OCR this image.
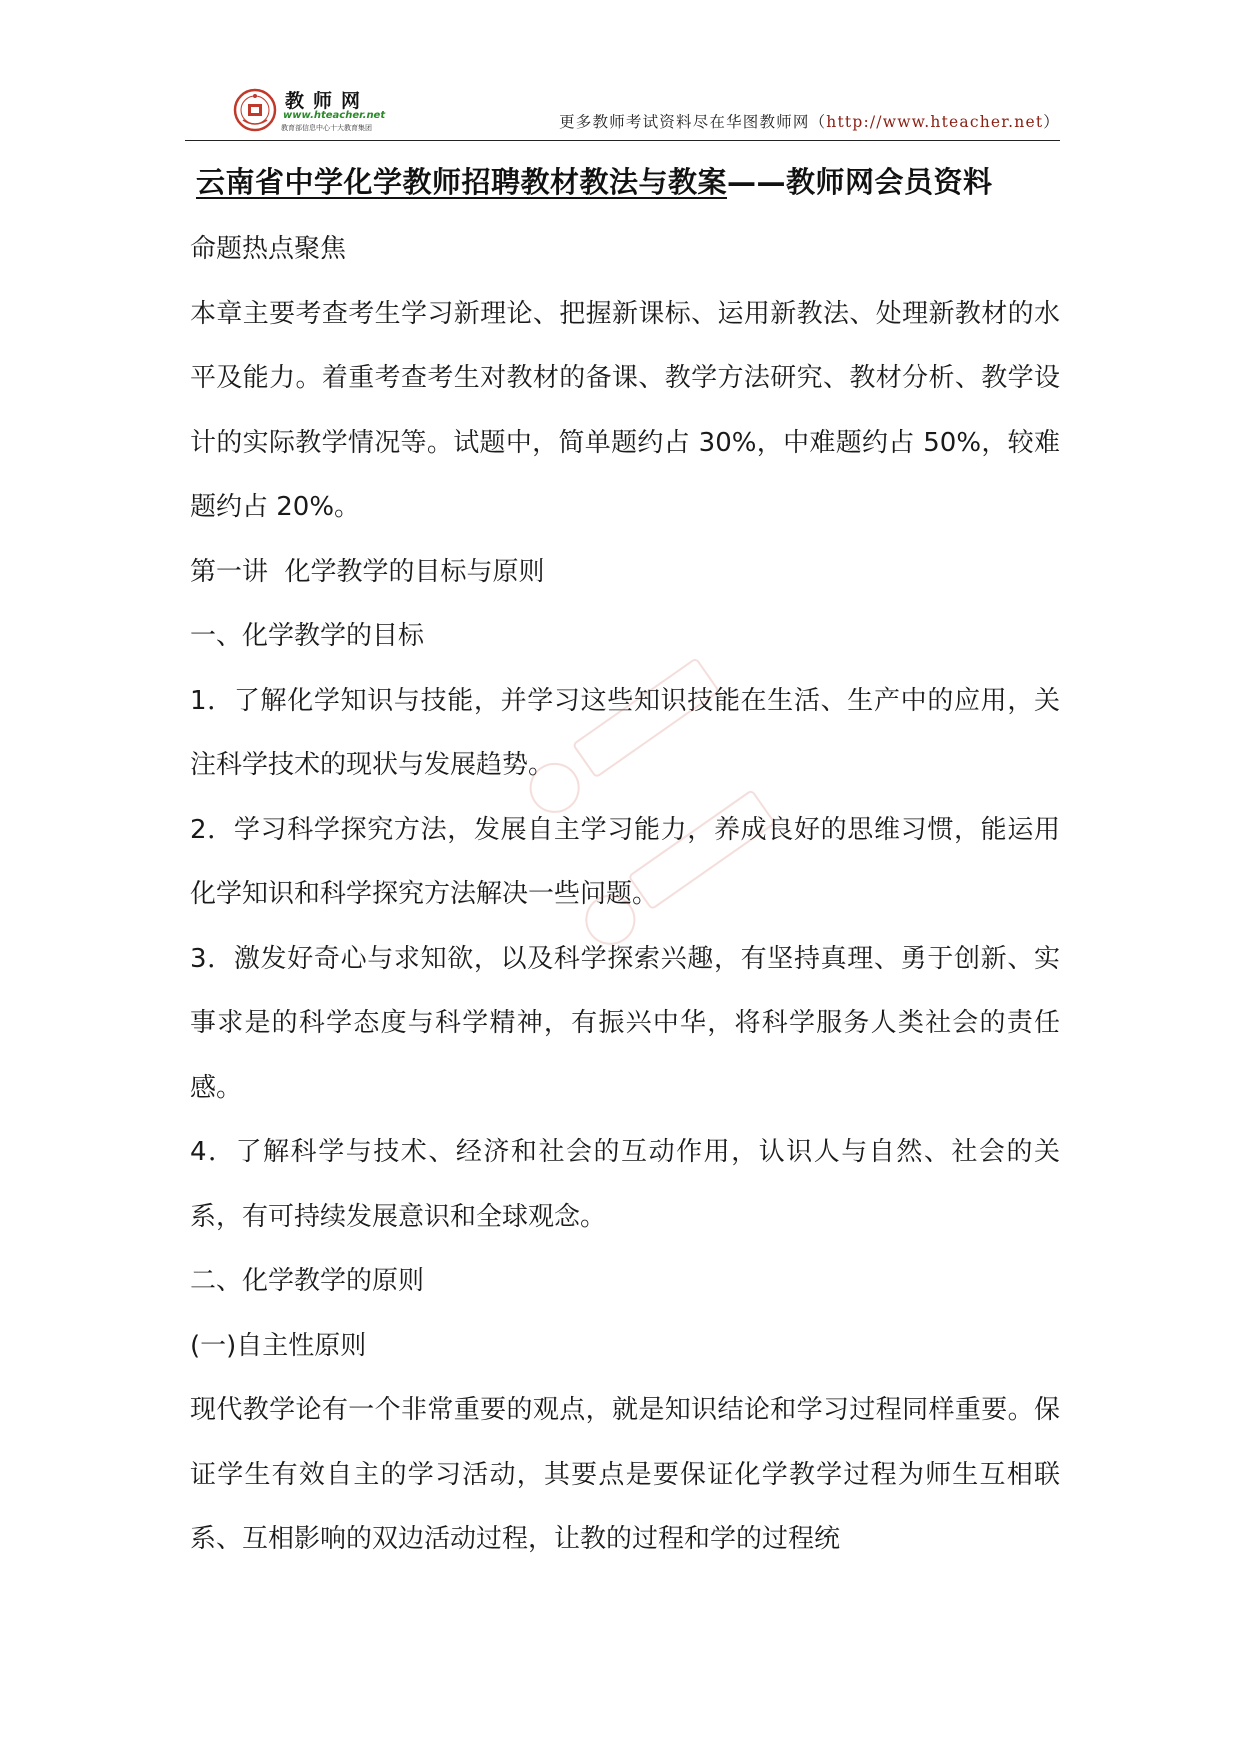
教师网
www.hteacher.net
教育部信息中心十大教育集团	更多教师考试资料尽在华图教师网（http://www.hteacher.net）
云南省中学化学教师招聘教材教法与教案——教师网会员资料

命题热点聚焦

本章主要考查考生学习新理论、把握新课标、运用新教法、处理新教材的水平及能力。着重考查考生对教材的备课、教学方法研究、教材分析、教学设计的实际教学情况等。试题中，简单题约占 30%，中难题约占 50%，较难题约占 20%。

第一讲  化学教学的目标与原则

一、化学教学的目标

1．了解化学知识与技能，并学习这些知识技能在生活、生产中的应用，关注科学技术的现状与发展趋势。

2．学习科学探究方法，发展自主学习能力，养成良好的思维习惯，能运用化学知识和科学探究方法解决一些问题。

3．激发好奇心与求知欲，以及科学探索兴趣，有坚持真理、勇于创新、实事求是的科学态度与科学精神，有振兴中华，将科学服务人类社会的责任感。

4．了解科学与技术、经济和社会的互动作用，认识人与自然、社会的关系，有可持续发展意识和全球观念。

二、化学教学的原则

(一)自主性原则

现代教学论有一个非常重要的观点，就是知识结论和学习过程同样重要。保证学生有效自主的学习活动，其要点是要保证化学教学过程为师生互相联系、互相影响的双边活动过程，让教的过程和学的过程统
